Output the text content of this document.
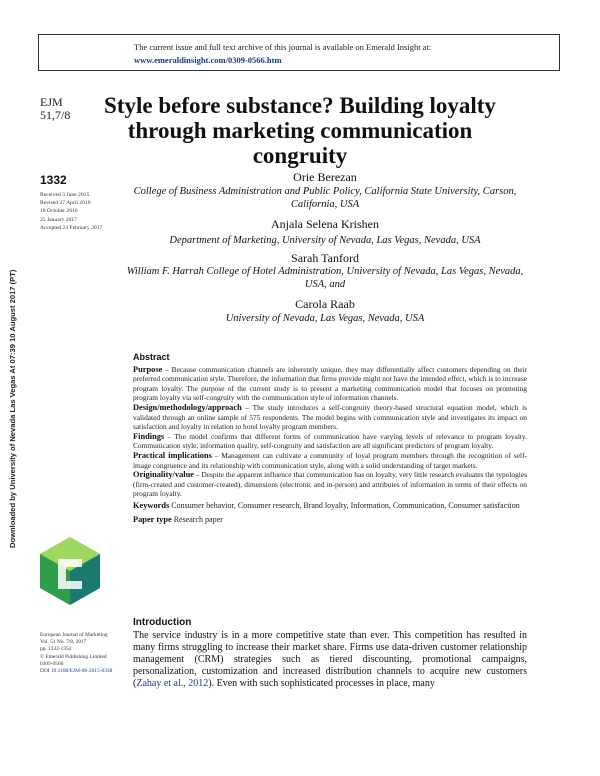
The current issue and full text archive of this journal is available on Emerald Insight at:
www.emeraldinsight.com/0309-0566.htm
EJM
51,7/8
1332
Received 3 June 2015
Revised 27 April 2016
18 October 2016
25 January 2017
Accepted 23 February 2017
Style before substance? Building loyalty through marketing communication congruity
Orie Berezan
College of Business Administration and Public Policy, California State University, Carson, California, USA
Anjala Selena Krishen
Department of Marketing, University of Nevada, Las Vegas, Nevada, USA
Sarah Tanford
William F. Harrah College of Hotel Administration, University of Nevada, Las Vegas, Nevada, USA, and
Carola Raab
University of Nevada, Las Vegas, Nevada, USA
Downloaded by University of Nevada Las Vegas At 07:39 10 August 2017 (PT)	Abstract

Purpose – Because communication channels are inherently unique, they may differentially affect customers depending on their preferred communication style. Therefore, the information that firms provide might not have the intended effect, which is to increase program loyalty. The purpose of the current study is to present a marketing communication model that focuses on promoting program loyalty via self-congruity with the communication style of information channels.

Design/methodology/approach – The study introduces a self-congruity theory-based structural equation model, which is validated through an online sample of 575 respondents. The model begins with communication style and investigates its impact on satisfaction and loyalty in relation to hotel loyalty program members.

Findings – The model confirms that different forms of communication have varying levels of relevance to program loyalty. Communication style, information quality, self-congruity and satisfaction are all significant predictors of program loyalty.

Practical implications – Management can cultivate a community of loyal program members through the recognition of self-image congruence and its relationship with communication style, along with a solid understanding of target markets.

Originality/value – Despite the apparent influence that communication has on loyalty, very little research evaluates the typologies (firm-created and customer-created), dimensions (electronic and in-person) and attributes of information in terms of their effects on program loyalty.

Keywords Consumer behavior, Consumer research, Brand loyalty, Information, Communication, Consumer satisfaction

Paper type Research paper

Introduction
The service industry is in a more competitive state than ever. This competition has resulted in many firms struggling to increase their market share. Firms use data-driven customer relationship management (CRM) strategies such as tiered discounting, promotional campaigns, personalization, customization and increased distribution channels to acquire new customers (Zahay et al., 2012). Even with such sophisticated processes in place, many
European Journal of Marketing
Vol. 51 No. 7/8, 2017
pp. 1332-1352
© Emerald Publishing Limited
0309-0566
DOI 10.1108/EJM-06-2015-0338
